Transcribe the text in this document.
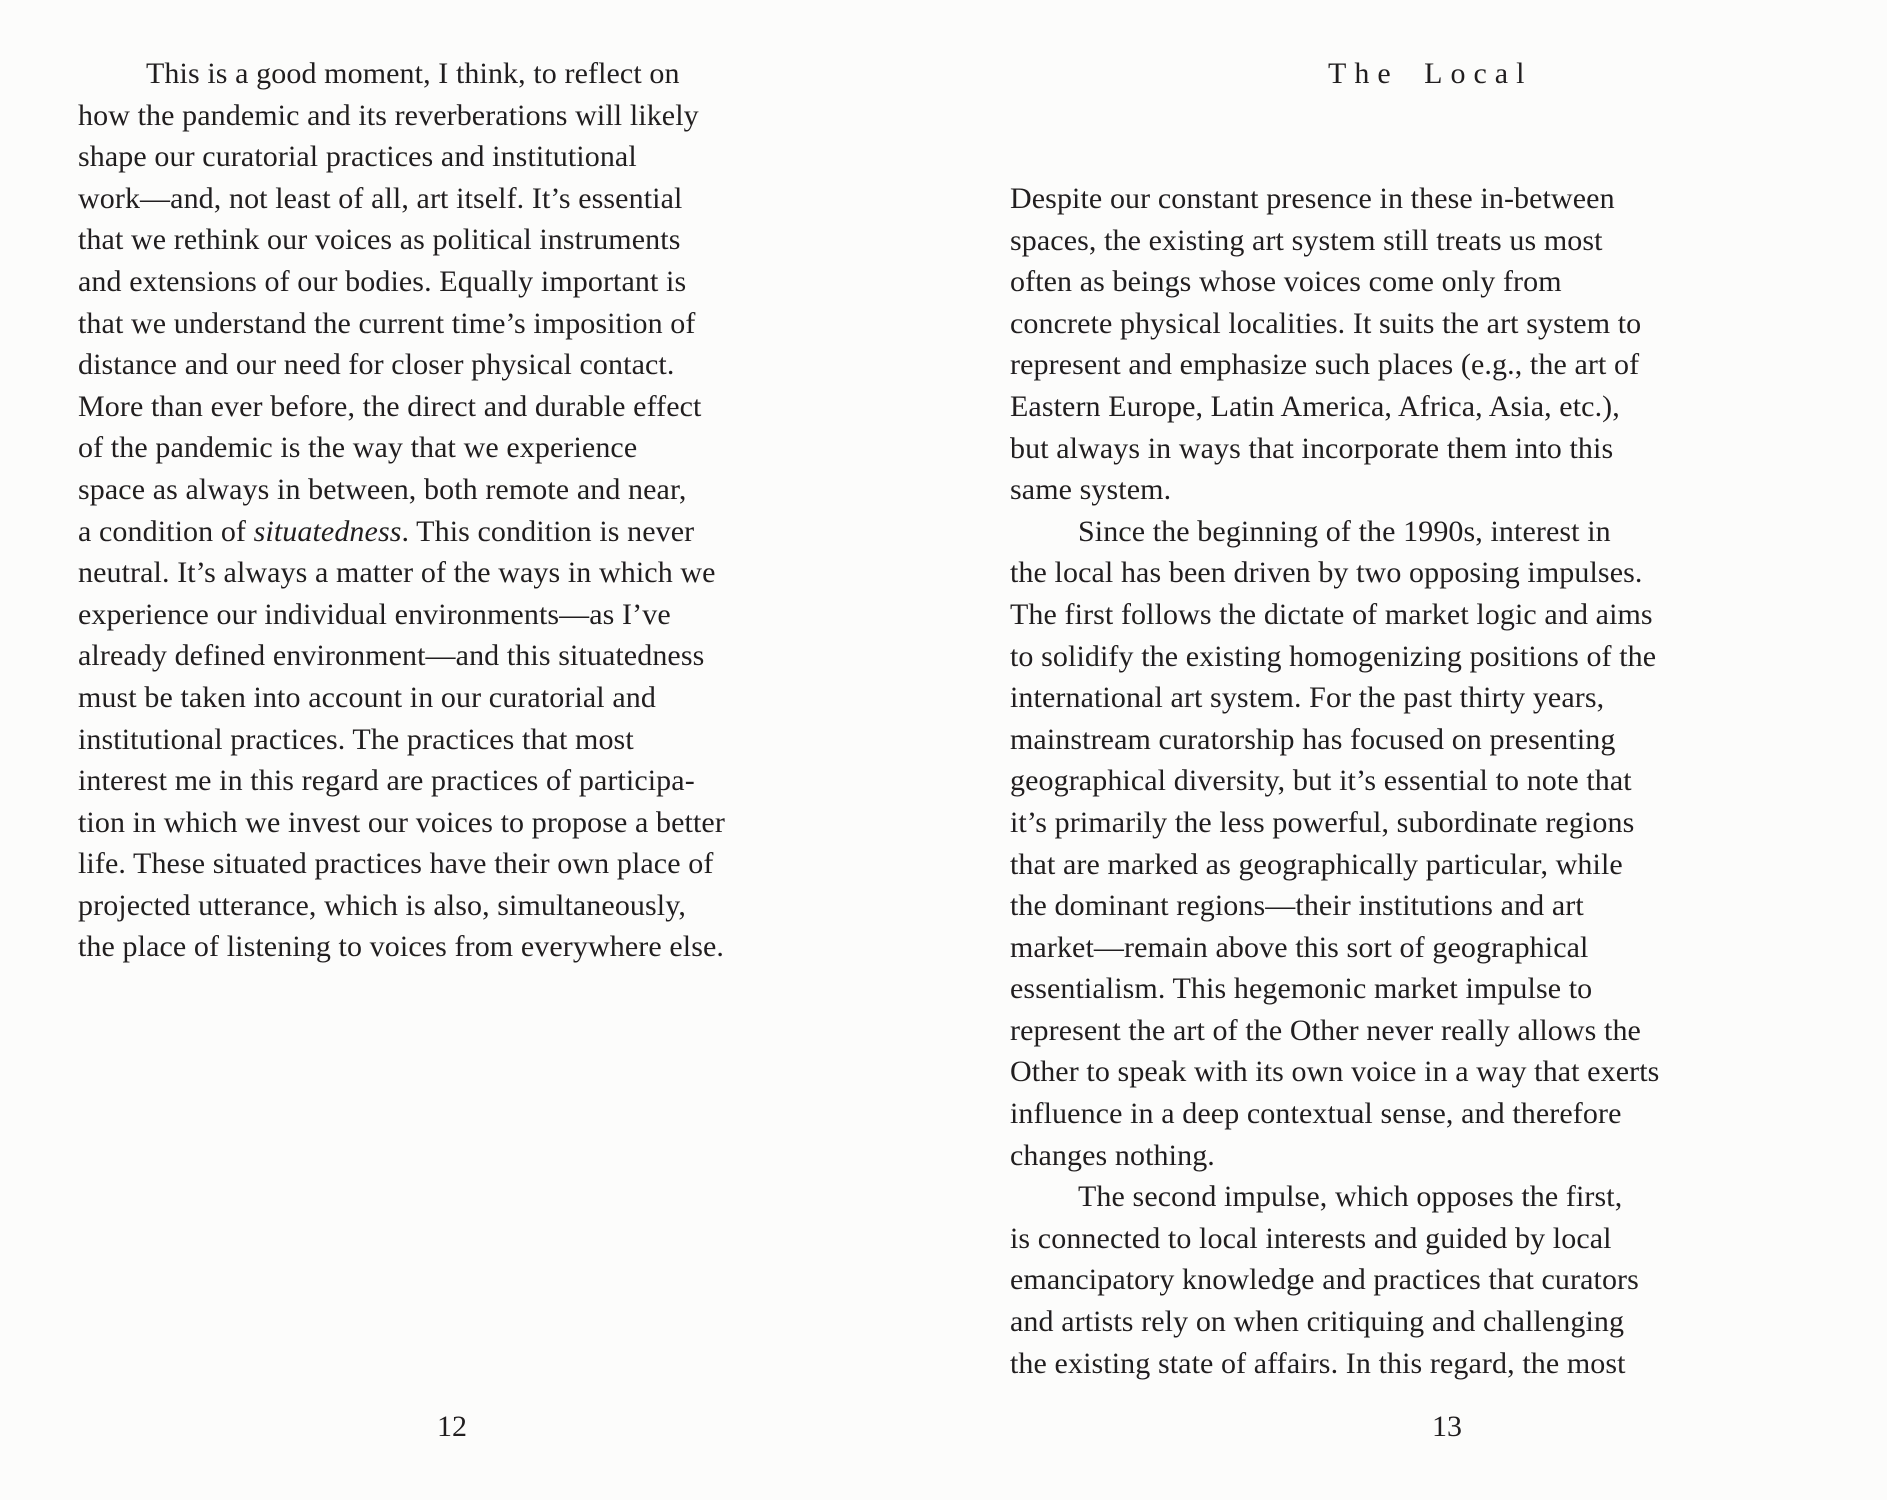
This is a good moment, I think, to reflect on
how the pandemic and its reverberations will likely
shape our curatorial practices and institutional
work—and, not least of all, art itself. It’s essential
that we rethink our voices as political instruments
and extensions of our bodies. Equally important is
that we understand the current time’s imposition of
distance and our need for closer physical contact.
More than ever before, the direct and durable effect
of the pandemic is the way that we experience
space as always in between, both remote and near,
a condition of situatedness. This condition is never
neutral. It’s always a matter of the ways in which we
experience our individual environments—as I’ve
already defined environment—and this situatedness
must be taken into account in our curatorial and
institutional practices. The practices that most
interest me in this regard are practices of participa-
tion in which we invest our voices to propose a better
life. These situated practices have their own place of
projected utterance, which is also, simultaneously,
the place of listening to voices from everywhere else.
12
The Local
Despite our constant presence in these in-between
spaces, the existing art system still treats us most
often as beings whose voices come only from
concrete physical localities. It suits the art system to
represent and emphasize such places (e.g., the art of
Eastern Europe, Latin America, Africa, Asia, etc.),
but always in ways that incorporate them into this
same system.
Since the beginning of the 1990s, interest in
the local has been driven by two opposing impulses.
The first follows the dictate of market logic and aims
to solidify the existing homogenizing positions of the
international art system. For the past thirty years,
mainstream curatorship has focused on presenting
geographical diversity, but it’s essential to note that
it’s primarily the less powerful, subordinate regions
that are marked as geographically particular, while
the dominant regions—their institutions and art
market—remain above this sort of geographical
essentialism. This hegemonic market impulse to
represent the art of the Other never really allows the
Other to speak with its own voice in a way that exerts
influence in a deep contextual sense, and therefore
changes nothing.
The second impulse, which opposes the first,
is connected to local interests and guided by local
emancipatory knowledge and practices that curators
and artists rely on when critiquing and challenging
the existing state of affairs. In this regard, the most
13
